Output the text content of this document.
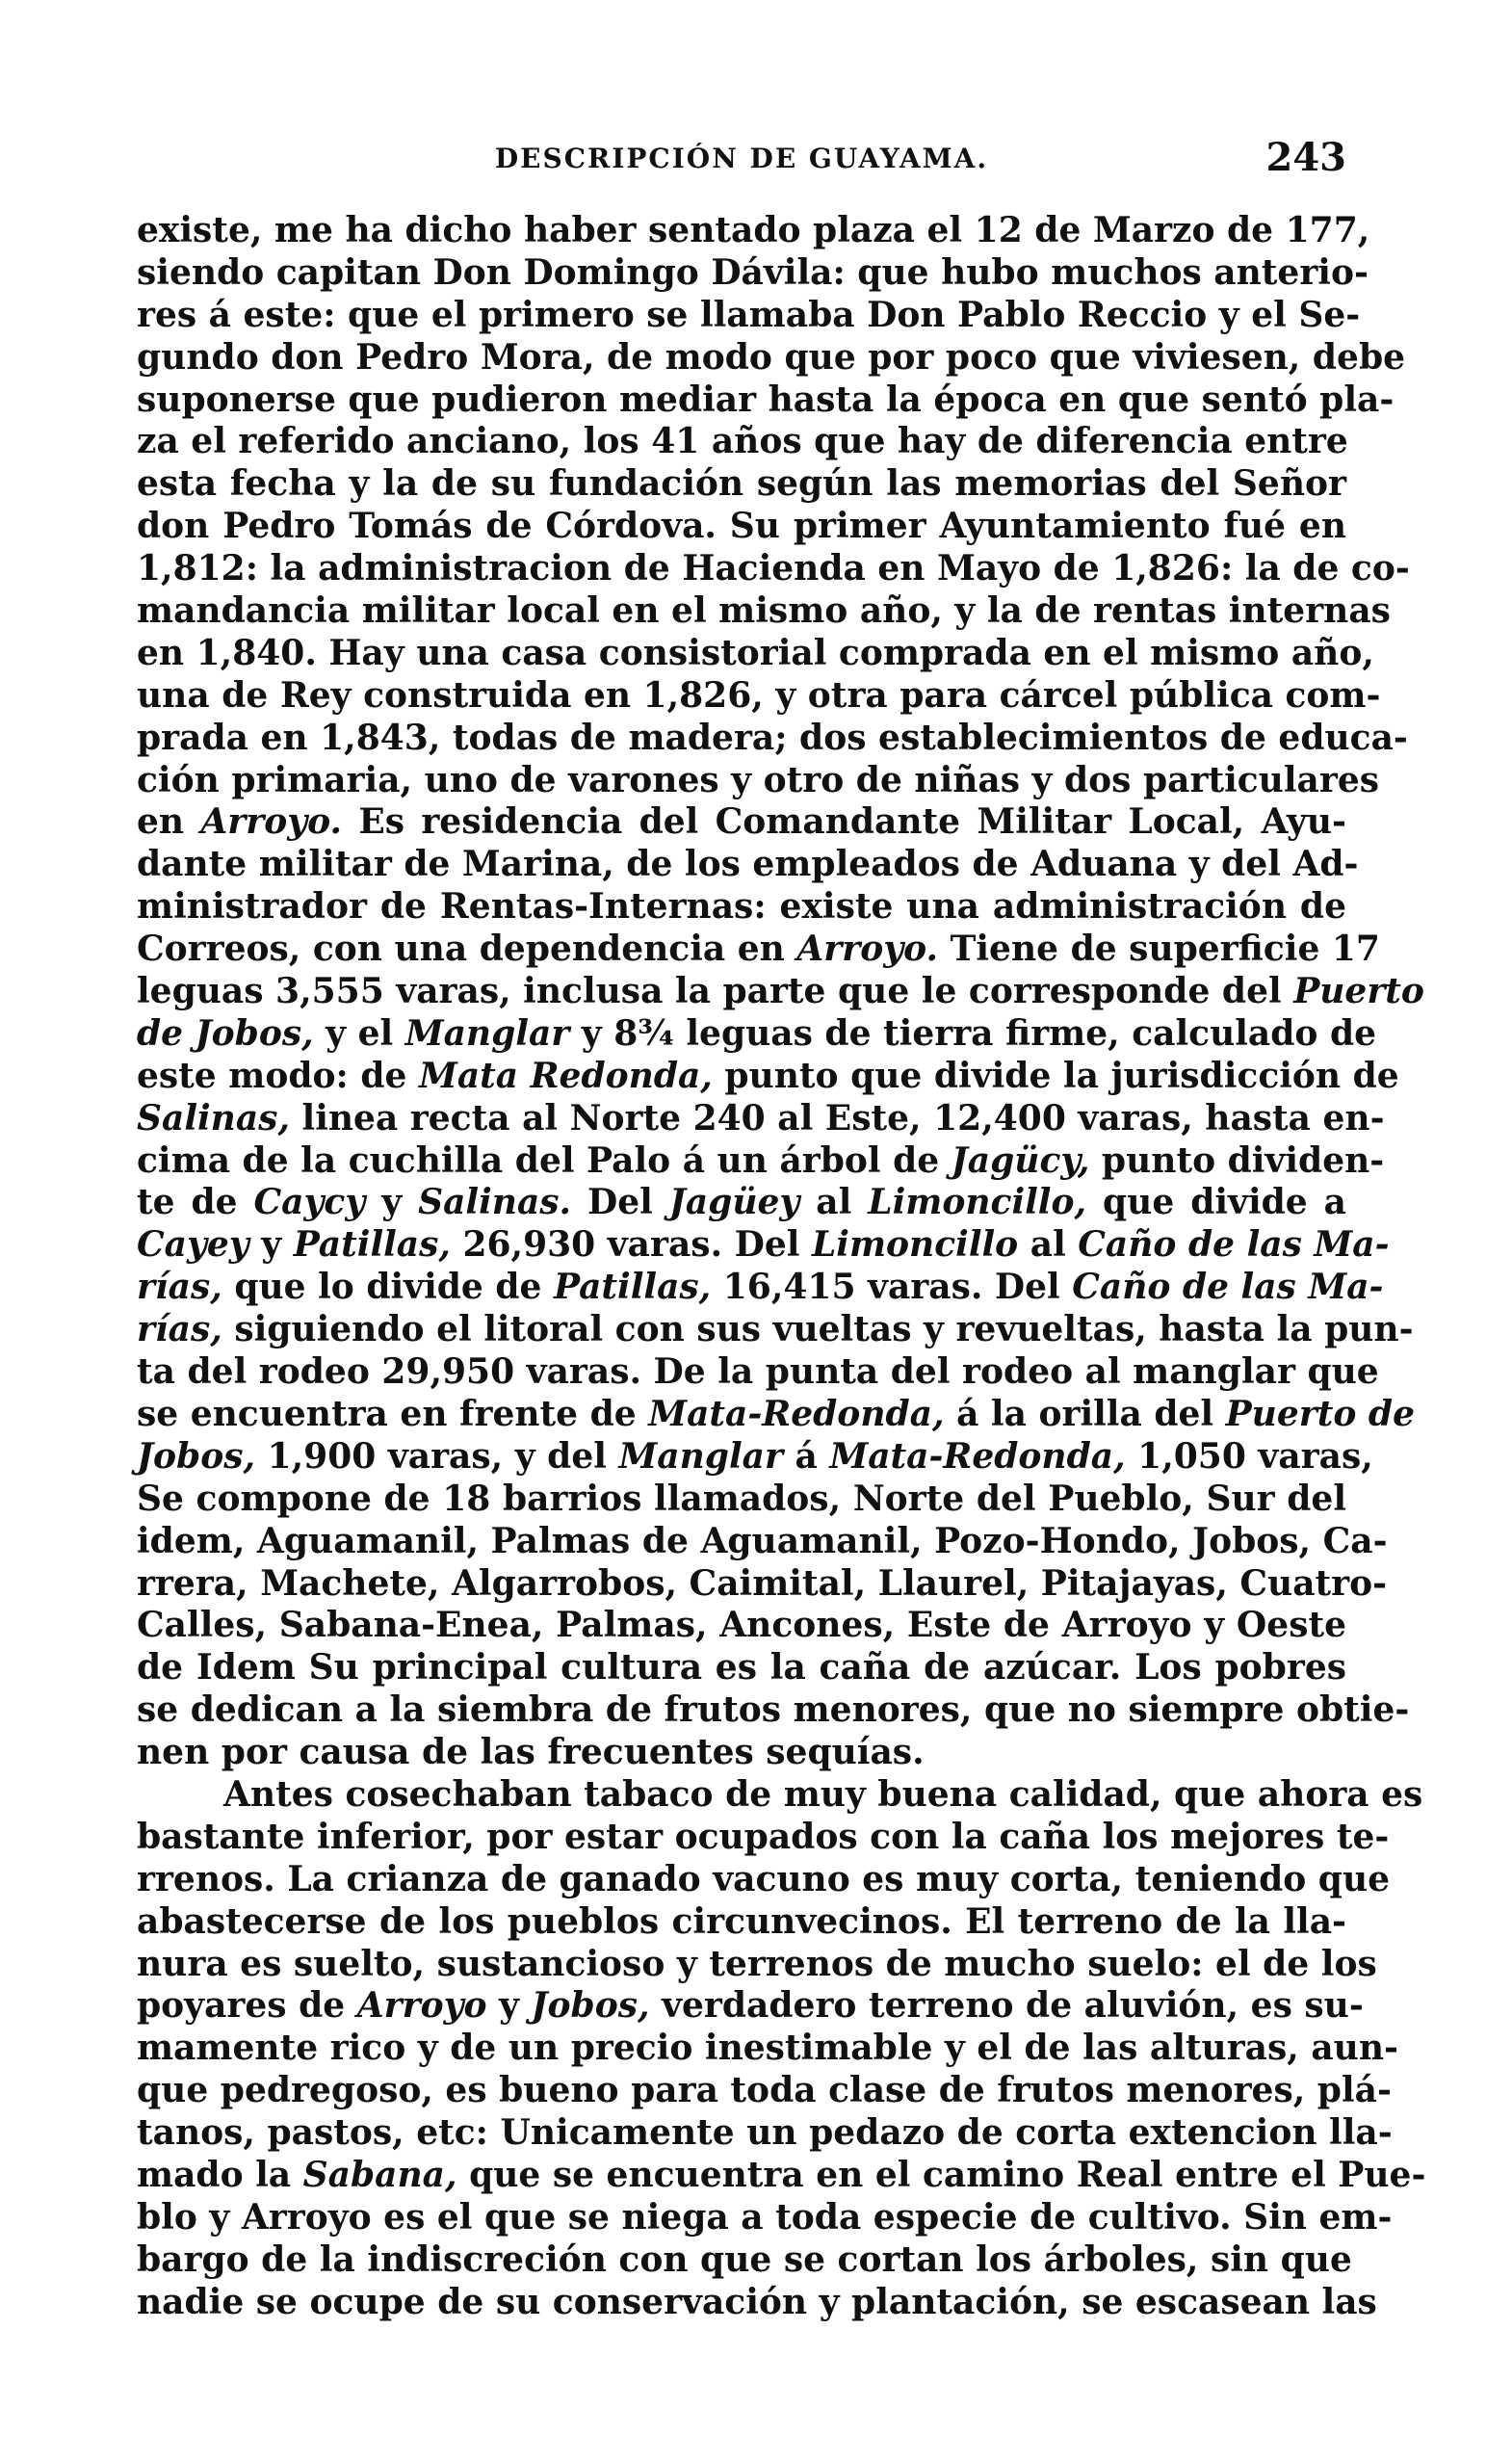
DESCRIPCIÓN DE GUAYAMA.	243
existe, me ha dicho haber sentado plaza el 12 de Marzo de 177,
siendo capitan Don Domingo Dávila: que hubo muchos anterio-
res á este: que el primero se llamaba Don Pablo Reccio y el Se-
gundo don Pedro Mora, de modo que por poco que viviesen, debe
suponerse que pudieron mediar hasta la época en que sentó pla-
za el referido anciano, los 41 años que hay de diferencia entre
esta fecha y la de su fundación según las memorias del Señor
don Pedro Tomás de Córdova. Su primer Ayuntamiento fué en
1,812: la administracion de Hacienda en Mayo de 1,826: la de co-
mandancia militar local en el mismo año, y la de rentas internas
en 1,840. Hay una casa consistorial comprada en el mismo año,
una de Rey construida en 1,826, y otra para cárcel pública com-
prada en 1,843, todas de madera; dos establecimientos de educa-
ción primaria, uno de varones y otro de niñas y dos particulares
en Arroyo. Es residencia del Comandante Militar Local, Ayu-
dante militar de Marina, de los empleados de Aduana y del Ad-
ministrador de Rentas-Internas: existe una administración de
Correos, con una dependencia en Arroyo. Tiene de superficie 17
leguas 3,555 varas, inclusa la parte que le corresponde del Puerto
de Jobos, y el Manglar y 8¾ leguas de tierra firme, calculado de
este modo: de Mata Redonda, punto que divide la jurisdicción de
Salinas, linea recta al Norte 240 al Este, 12,400 varas, hasta en-
cima de la cuchilla del Palo á un árbol de Jagücy, punto dividen-
te de Caycy y Salinas. Del Jagüey al Limoncillo, que divide a
Cayey y Patillas, 26,930 varas. Del Limoncillo al Caño de las Ma-
rías, que lo divide de Patillas, 16,415 varas. Del Caño de las Ma-
rías, siguiendo el litoral con sus vueltas y revueltas, hasta la pun-
ta del rodeo 29,950 varas. De la punta del rodeo al manglar que
se encuentra en frente de Mata-Redonda, á la orilla del Puerto de
Jobos, 1,900 varas, y del Manglar á Mata-Redonda, 1,050 varas,
Se compone de 18 barrios llamados, Norte del Pueblo, Sur del
idem, Aguamanil, Palmas de Aguamanil, Pozo-Hondo, Jobos, Ca-
rrera, Machete, Algarrobos, Caimital, Llaurel, Pitajayas, Cuatro-
Calles, Sabana-Enea, Palmas, Ancones, Este de Arroyo y Oeste
de Idem Su principal cultura es la caña de azúcar. Los pobres
se dedican a la siembra de frutos menores, que no siempre obtie-
nen por causa de las frecuentes sequías.
Antes cosechaban tabaco de muy buena calidad, que ahora es
bastante inferior, por estar ocupados con la caña los mejores te-
rrenos. La crianza de ganado vacuno es muy corta, teniendo que
abastecerse de los pueblos circunvecinos. El terreno de la lla-
nura es suelto, sustancioso y terrenos de mucho suelo: el de los
poyares de Arroyo y Jobos, verdadero terreno de aluvión, es su-
mamente rico y de un precio inestimable y el de las alturas, aun-
que pedregoso, es bueno para toda clase de frutos menores, plá-
tanos, pastos, etc: Unicamente un pedazo de corta extencion lla-
mado la Sabana, que se encuentra en el camino Real entre el Pue-
blo y Arroyo es el que se niega a toda especie de cultivo. Sin em-
bargo de la indiscreción con que se cortan los árboles, sin que
nadie se ocupe de su conservación y plantación, se escasean las
